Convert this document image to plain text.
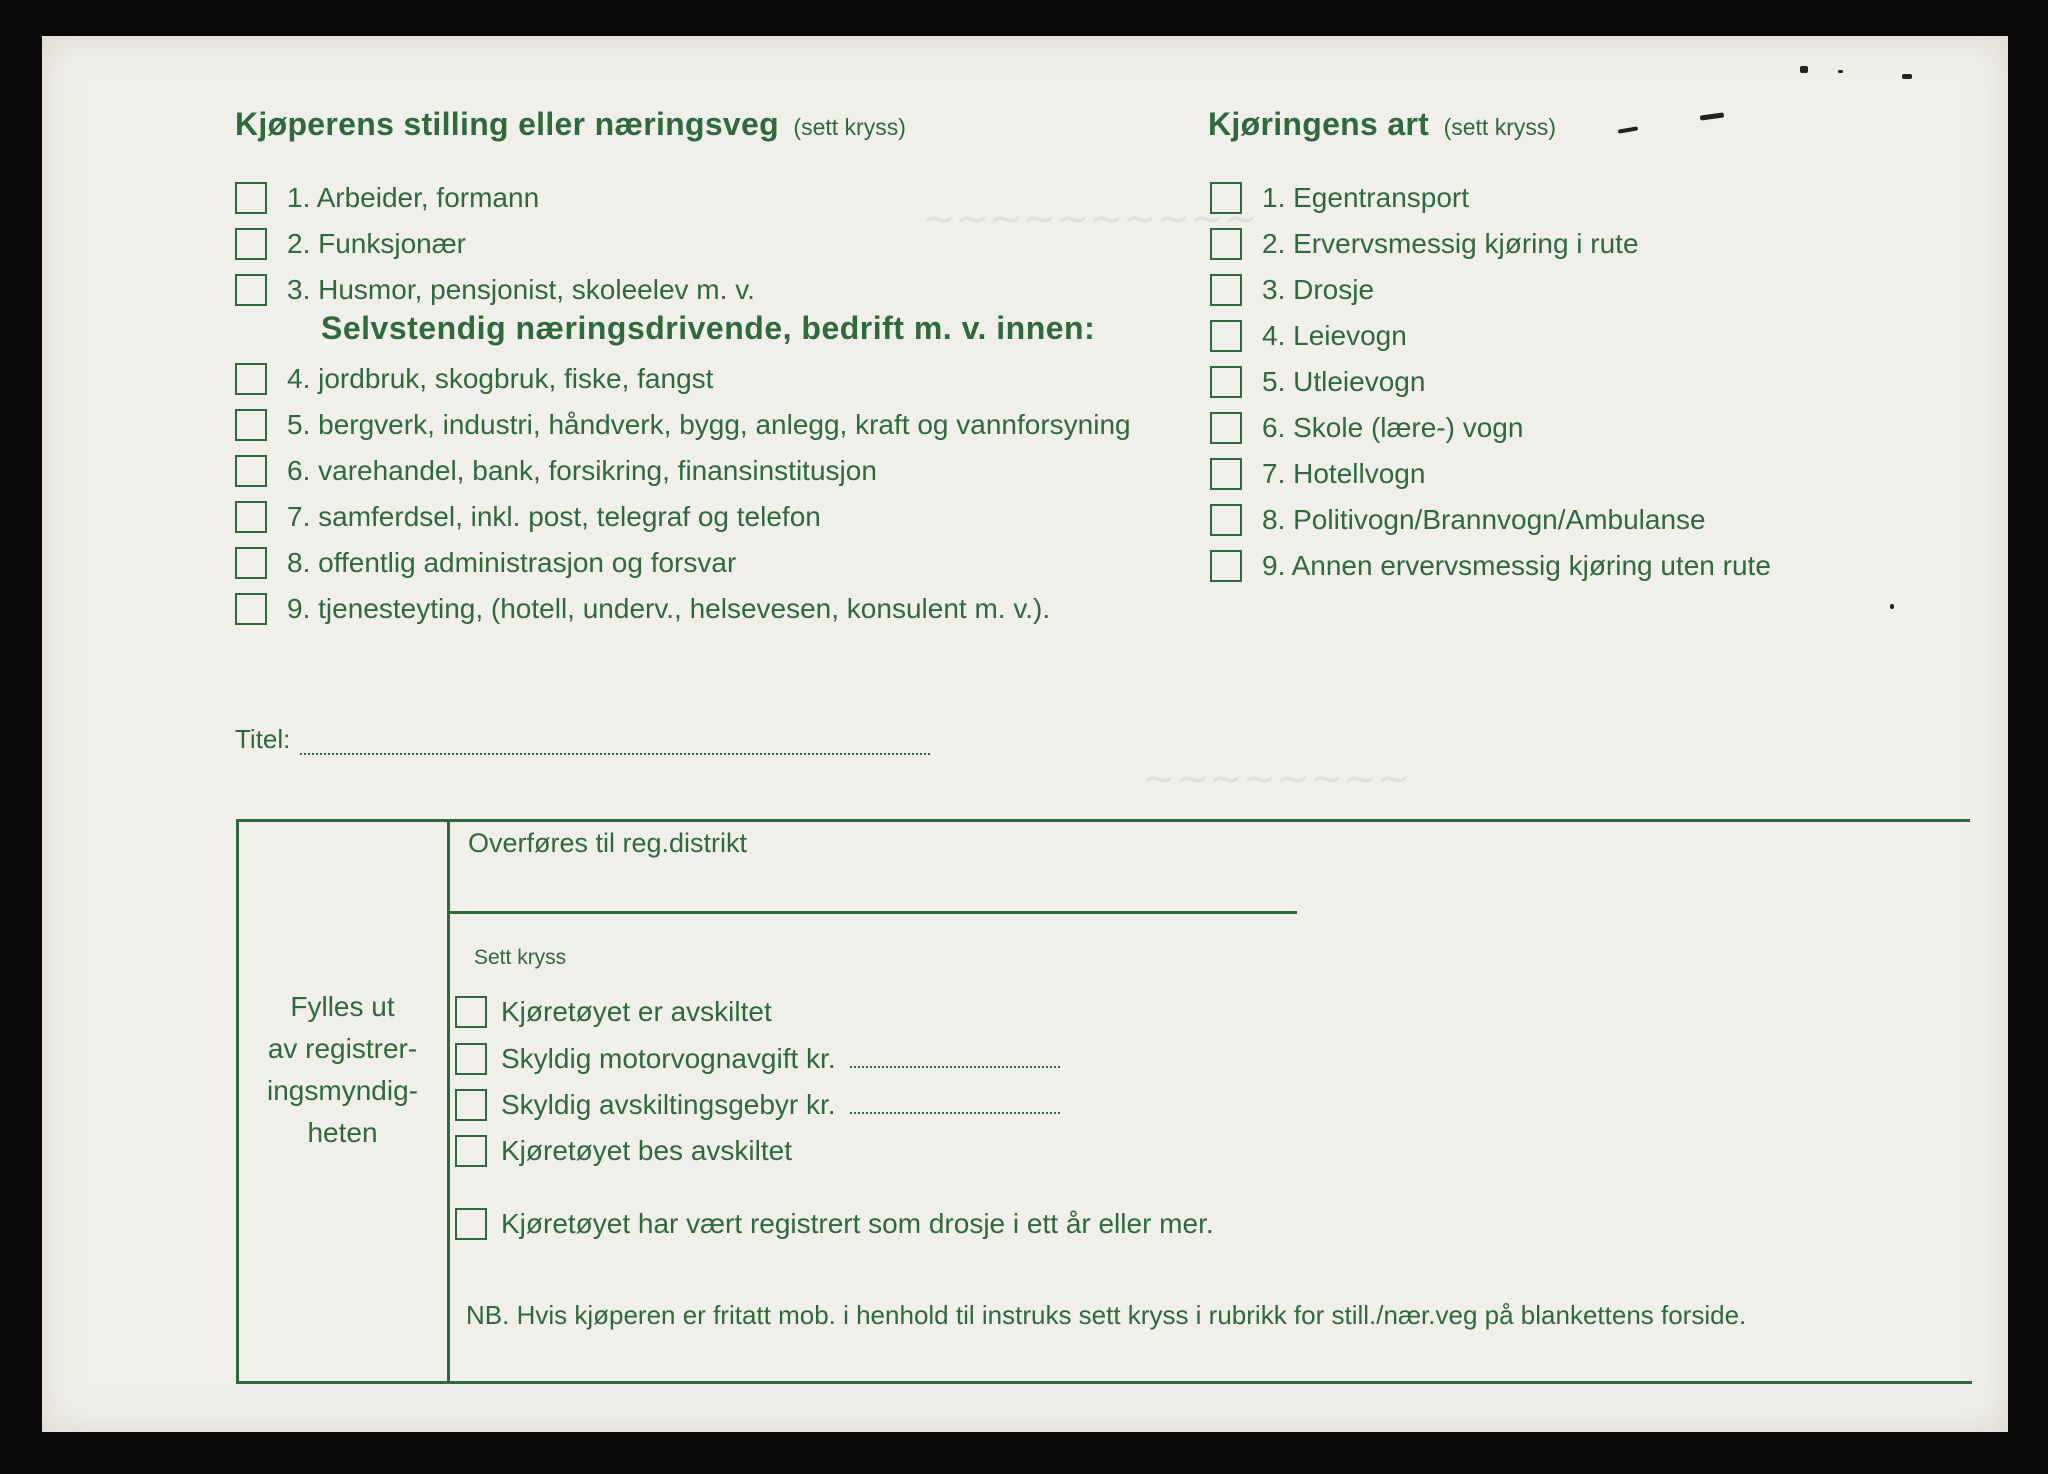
~~~~~~~~~~
~~~~~~~~
Kjøperens stilling eller næringsveg (sett kryss)
1. Arbeider, formann
2. Funksjonær
3. Husmor, pensjonist, skoleelev m. v.
Selvstendig næringsdrivende, bedrift m. v. innen:
4. jordbruk, skogbruk, fiske, fangst
5. bergverk, industri, håndverk, bygg, anlegg, kraft og vannforsyning
6. varehandel, bank, forsikring, finansinstitusjon
7. samferdsel, inkl. post, telegraf og telefon
8. offentlig administrasjon og forsvar
9. tjenesteyting, (hotell, underv., helsevesen, konsulent m. v.).
Kjøringens art (sett kryss)
1. Egentransport
2. Ervervsmessig kjøring i rute
3. Drosje
4. Leievogn
5. Utleievogn
6. Skole (lære-) vogn
7. Hotellvogn
8. Politivogn/Brannvogn/Ambulanse
9. Annen ervervsmessig kjøring uten rute
Titel:
Fylles ut
av registrer-
ingsmyndig-
heten
Overføres til reg.distrikt
Sett kryss
Kjøretøyet er avskiltet
Skyldig motorvognavgift kr.
Skyldig avskiltingsgebyr kr.
Kjøretøyet bes avskiltet
Kjøretøyet har vært registrert som drosje i ett år eller mer.
NB. Hvis kjøperen er fritatt mob. i henhold til instruks sett kryss i rubrikk for still./nær.veg på blankettens forside.
